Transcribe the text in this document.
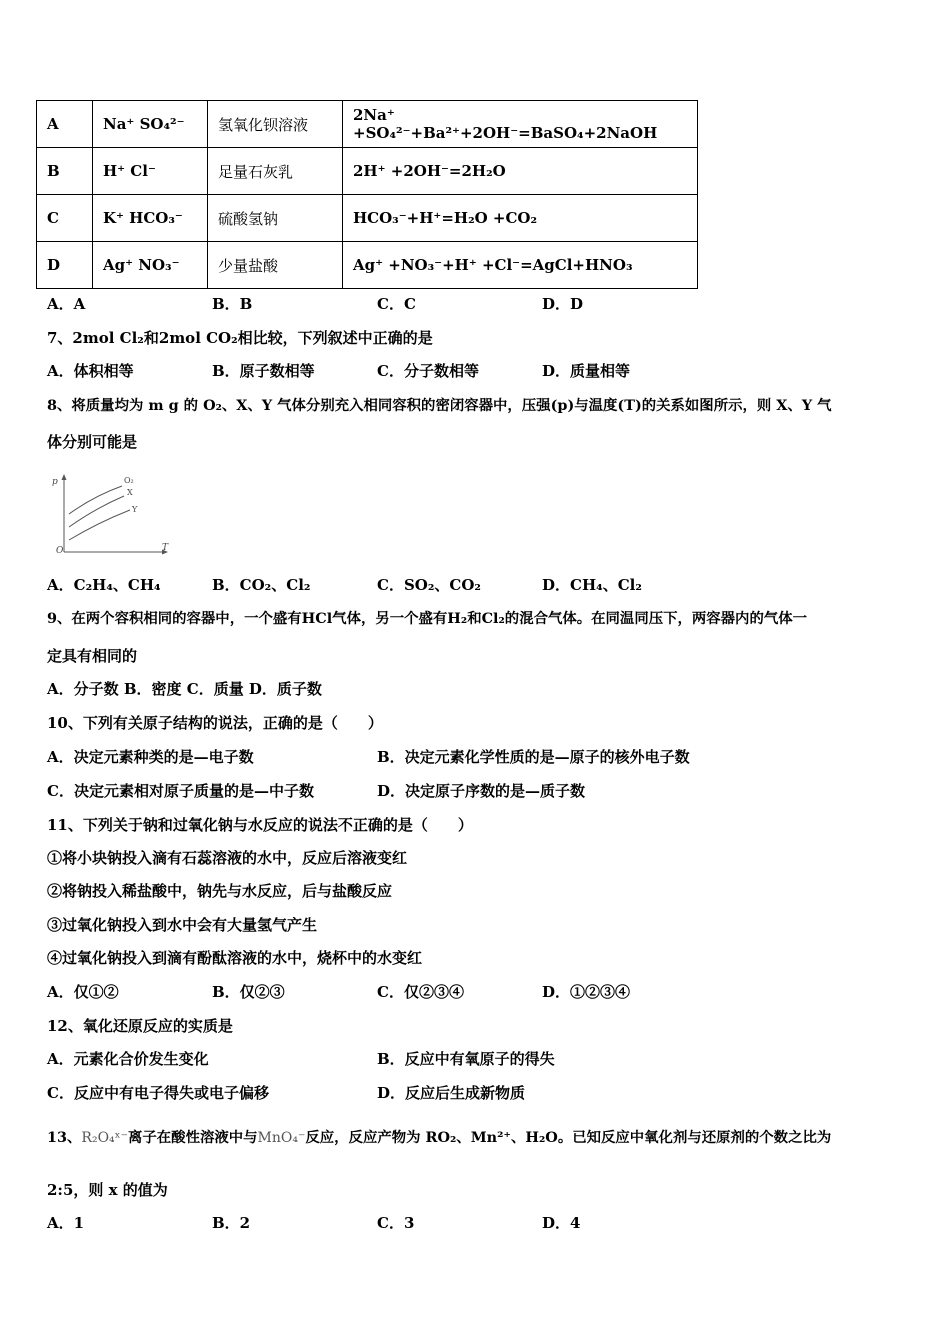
A	Na⁺ SO₄²⁻	氢氧化钡溶液	2Na⁺ +SO₄²⁻+Ba²⁺+2OH⁻=BaSO₄+2NaOH
B	H⁺ Cl⁻	足量石灰乳	2H⁺ +2OH⁻=2H₂O
C	K⁺ HCO₃⁻	硫酸氢钠	HCO₃⁻+H⁺=H₂O +CO₂
D	Ag⁺ NO₃⁻	少量盐酸	Ag⁺ +NO₃⁻+H⁺ +Cl⁻=AgCl+HNO₃
A．A	B．B	C．C	D．D
7、2mol Cl₂和2mol CO₂相比较，下列叙述中正确的是
A．体积相等	B．原子数相等	C．分子数相等	D．质量相等
8、将质量均为 m g 的 O₂、X、Y 气体分别充入相同容积的密闭容器中，压强(p)与温度(T)的关系如图所示，则 X、Y 气
体分别可能是
p
T
O
O₂
X
Y
A．C₂H₄、CH₄	B．CO₂、Cl₂	C．SO₂、CO₂	D．CH₄、Cl₂
9、在两个容积相同的容器中，一个盛有HCl气体，另一个盛有H₂和Cl₂的混合气体。在同温同压下，两容器内的气体一
定具有相同的
A．分子数 B．密度 C．质量 D．质子数
10、下列有关原子结构的说法，正确的是（　　）
A．决定元素种类的是—电子数	B．决定元素化学性质的是—原子的核外电子数
C．决定元素相对原子质量的是—中子数	D．决定原子序数的是—质子数
11、下列关于钠和过氧化钠与水反应的说法不正确的是（　　）
①将小块钠投入滴有石蕊溶液的水中，反应后溶液变红
②将钠投入稀盐酸中，钠先与水反应，后与盐酸反应
③过氧化钠投入到水中会有大量氢气产生
④过氧化钠投入到滴有酚酞溶液的水中，烧杯中的水变红
A．仅①②	B．仅②③	C．仅②③④	D．①②③④
12、氧化还原反应的实质是
A．元素化合价发生变化	B．反应中有氧原子的得失
C．反应中有电子得失或电子偏移	D．反应后生成新物质
13、R₂O₄ˣ⁻离子在酸性溶液中与MnO₄⁻反应，反应产物为 RO₂、Mn²⁺、H₂O。已知反应中氧化剂与还原剂的个数之比为
2:5，则 x 的值为
A．1	B．2	C．3	D．4
